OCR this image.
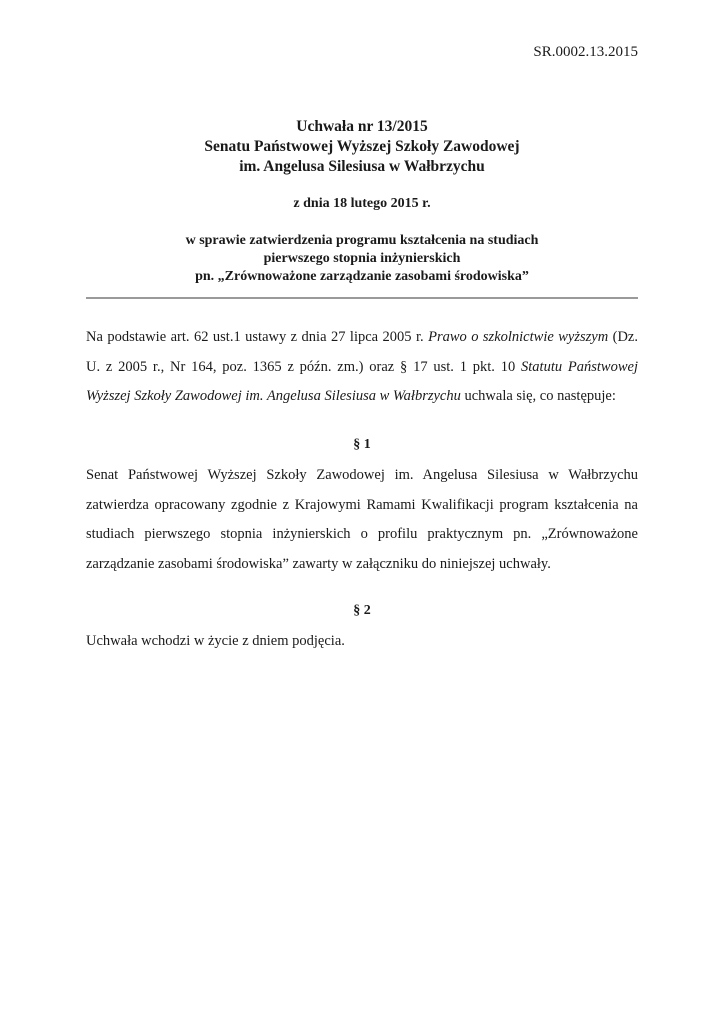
SR.0002.13.2015
Uchwała nr 13/2015
Senatu Państwowej Wyższej Szkoły Zawodowej
im. Angelusa Silesiusa w Wałbrzychu
z dnia 18 lutego 2015 r.
w sprawie zatwierdzenia programu kształcenia na studiach
pierwszego stopnia inżynierskich
pn. „Zrównoważone zarządzanie zasobami środowiska”
Na podstawie art. 62 ust.1 ustawy z dnia 27 lipca 2005 r. Prawo o szkolnictwie wyższym (Dz. U. z 2005 r., Nr 164, poz. 1365 z późn. zm.) oraz § 17 ust. 1 pkt. 10 Statutu Państwowej Wyższej Szkoły Zawodowej im. Angelusa Silesiusa w Wałbrzychu uchwala się, co następuje:
§ 1
Senat Państwowej Wyższej Szkoły Zawodowej im. Angelusa Silesiusa w Wałbrzychu zatwierdza opracowany zgodnie z Krajowymi Ramami Kwalifikacji program kształcenia na studiach pierwszego stopnia inżynierskich o profilu praktycznym pn. „Zrównoważone zarządzanie zasobami środowiska” zawarty w załączniku do niniejszej uchwały.
§ 2
Uchwała wchodzi w życie z dniem podjęcia.
